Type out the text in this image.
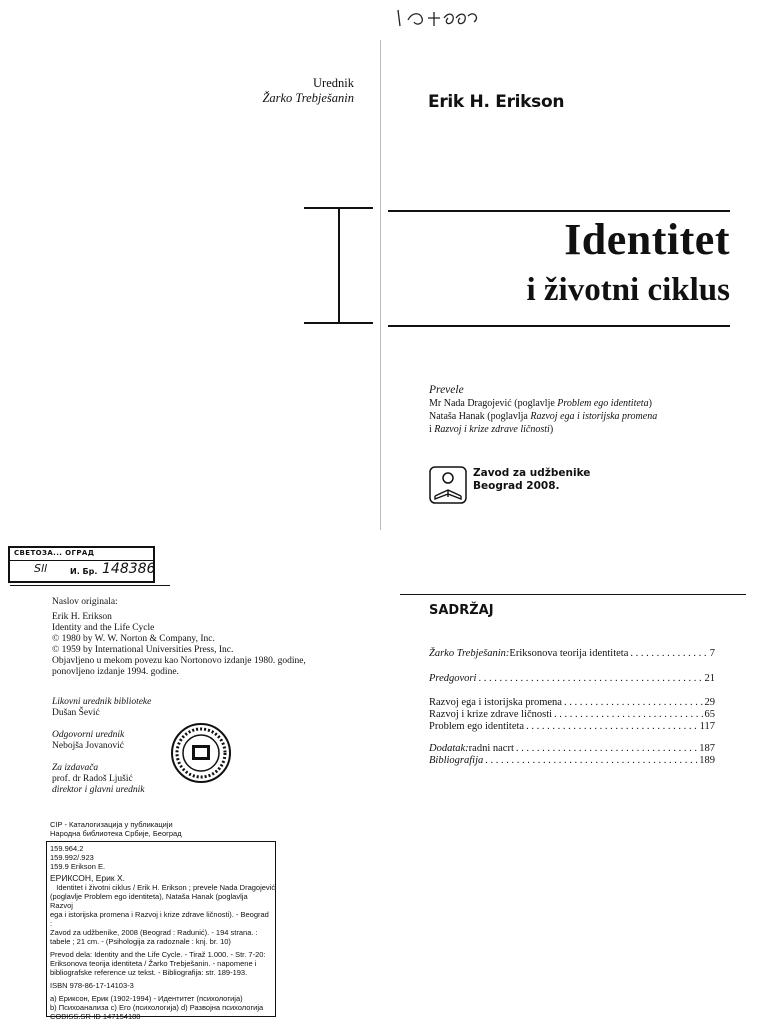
Urednik
Žarko Trebješanin	Erik H. Erikson
Identitet
i životni ciklus
Prevele
Mr Nada Dragojević (poglavlje Problem ego identiteta)
Nataša Hanak (poglavlja Razvoj ega i istorijska promena
i Razvoj i krize zdrave ličnosti)
Zavod za udžbenike
Beograd 2008.
СВЕТОЗА... ОГРАД
Sll	И. Бр. 148386
Naslov originala:
Erik H. Erikson
Identity and the Life Cycle
© 1980 by W. W. Norton & Company, Inc.
© 1959 by International Universities Press, Inc.
Objavljeno u mekom povezu kao Nortonovo izdanje 1980. godine,
ponovljeno izdanje 1994. godine.
Likovni urednik biblioteke
Dušan Šević
Odgovorni urednik
Nebojša Jovanović
Za izdavača
prof. dr Radoš Ljušić
direktor i glavni urednik
CIP - Каталогизација у публикацији
Народна библиотека Србије, Београд
159.964.2
159.992/.923
159.9 Erikson E.
ЕРИКСОН, Ерик Х.
Identitet i životni ciklus / Erik H. Erikson ; prevele Nada Dragojević
(poglavlje Problem ego identiteta), Nataša Hanak (poglavlja Razvoj
ega i istorijska promena i Razvoj i krize zdrave ličnosti). - Beograd :
Zavod za udžbenike, 2008 (Beograd : Radunić). - 194 strana. :
tabele ; 21 cm. - (Psihologija za radoznale : knj. br. 10)
Prevod dela: Identity and the Life Cycle. - Tiraž 1.000. - Str. 7-20:
Eriksonova teorija identiteta / Žarko Trebješanin. - napomene i
bibliografske reference uz tekst. - Bibliografija: str. 189-193.
ISBN 978-86-17-14103-3
a) Ериксон, Ерик (1902-1994) - Идентитет (психологија)
b) Психоанализа c) Его (психологија) d) Развојна психологија
COBISS.SR-ID 147154188
SADRŽAJ
Žarko Trebješanin: Eriksonova teorija identiteta . . .	7
Predgovori . . .	21
Razvoj ega i istorijska promena . . .	29
Razvoj i krize zdrave ličnosti . . .	65
Problem ego identiteta . . .	117
Dodatak: radni nacrt . . .	187
Bibliografija . . .	189
